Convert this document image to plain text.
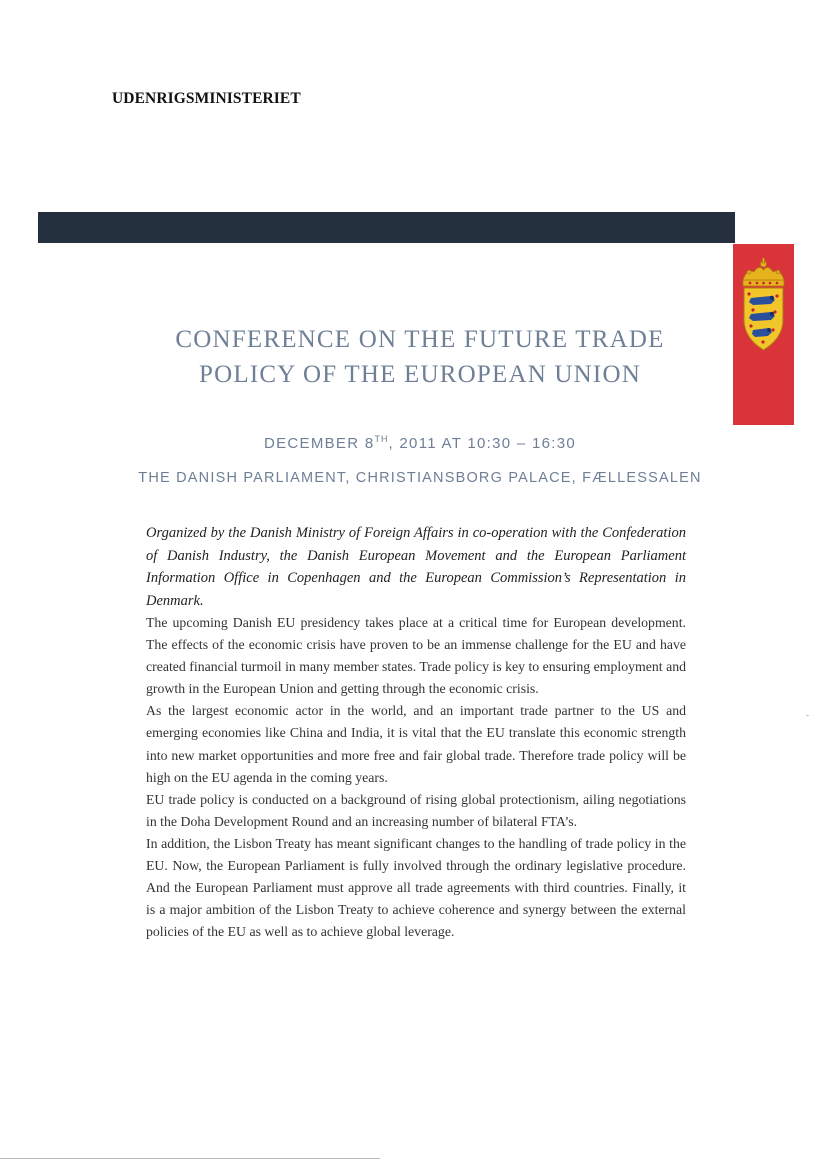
UDENRIGSMINISTERIET
CONFERENCE ON THE FUTURE TRADE
POLICY OF THE EUROPEAN UNION
DECEMBER 8TH, 2011 AT 10:30 – 16:30
THE DANISH PARLIAMENT, CHRISTIANSBORG PALACE, FÆLLESSALEN
Organized by the Danish Ministry of Foreign Affairs in co-operation with the Confederation of Danish Industry, the Danish European Movement and the European Parliament Information Office in Copenhagen and the European Commission’s Representation in Denmark.

The upcoming Danish EU presidency takes place at a critical time for European development. The effects of the economic crisis have proven to be an immense challenge for the EU and have created financial turmoil in many member states. Trade policy is key to ensuring employment and growth in the European Union and getting through the economic crisis.

As the largest economic actor in the world, and an important trade partner to the US and emerging economies like China and India, it is vital that the EU translate this economic strength into new market opportunities and more free and fair global trade. Therefore trade policy will be high on the EU agenda in the coming years.

EU trade policy is conducted on a background of rising global protectionism, ailing negotiations in the Doha Development Round and an increasing number of bilateral FTA’s.

In addition, the Lisbon Treaty has meant significant changes to the handling of trade policy in the EU. Now, the European Parliament is fully involved through the ordinary legislative procedure. And the European Parliament must approve all trade agreements with third countries. Finally, it is a major ambition of the Lisbon Treaty to achieve coherence and synergy between the external policies of the EU as well as to achieve global leverage.
